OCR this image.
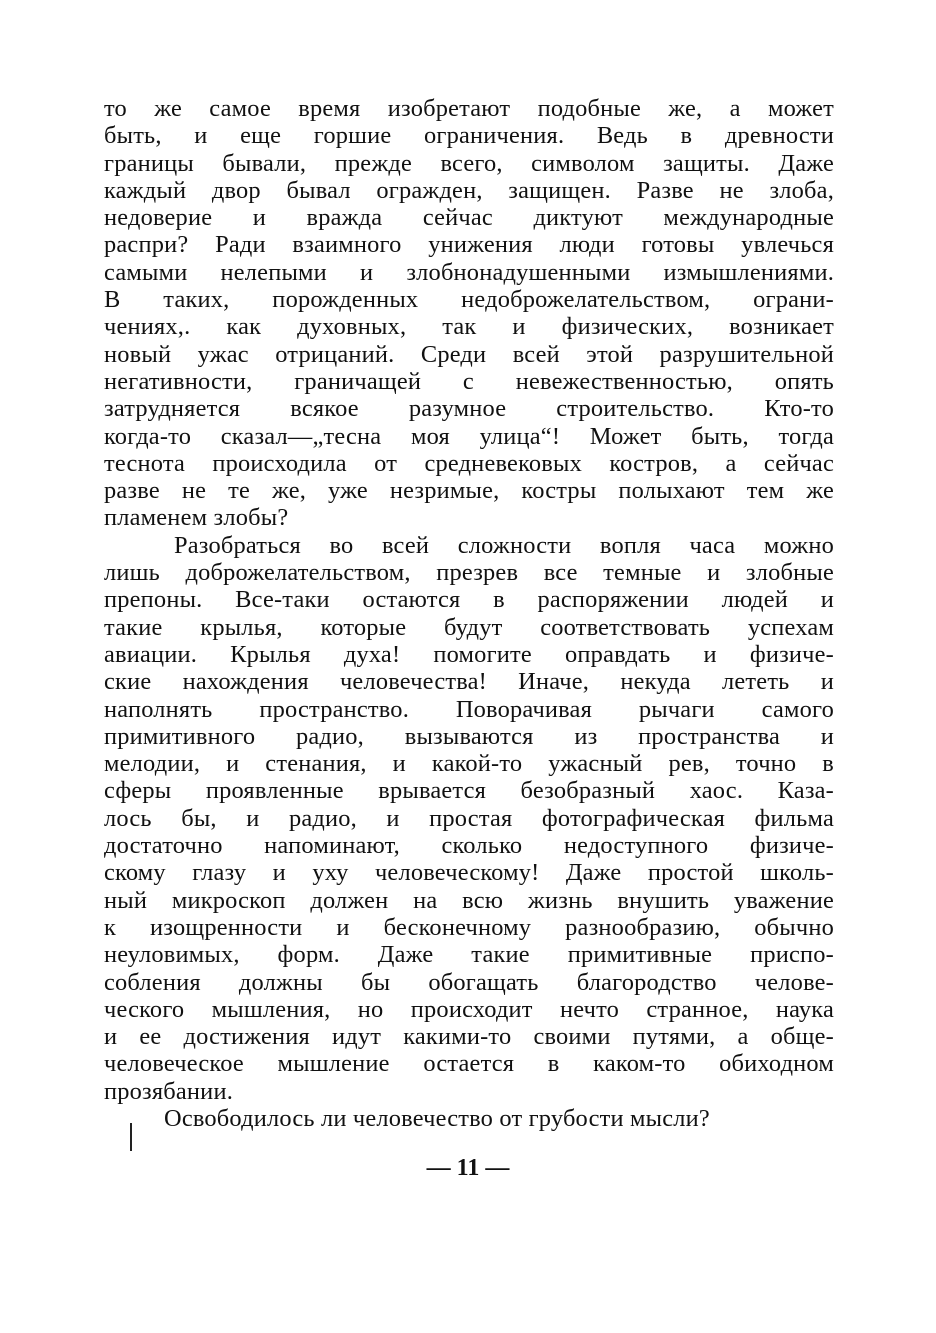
то же самое время изобретают подобные же, а может
быть, и еще горшие ограничения. Ведь в древности
границы бывали, прежде всего, символом защиты. Даже
каждый двор бывал огражден, защищен. Разве не злоба,
недоверие и вражда сейчас диктуют международные
распри? Ради взаимного унижения люди готовы увлечься
самыми нелепыми и злобнонадушенными измышлениями.
В таких, порожденных недоброжелательством, ограни-
чениях,. как духовных, так и физических, возникает
новый ужас отрицаний. Среди всей этой разрушительной
негативности, граничащей с невежественностью, опять
затрудняется всякое разумное строительство. Кто-то
когда-то сказал—„тесна моя улица“! Может быть, тогда
теснота происходила от средневековых костров, а сейчас
разве не те же, уже незримые, костры полыхают тем же
пламенем злобы?
Разобраться во всей сложности вопля часа можно
лишь доброжелательством, презрев все темные и злобные
препоны. Все-таки остаются в распоряжении людей и
такие крылья, которые будут соответствовать успехам
авиации. Крылья духа! помогите оправдать и физиче-
ские нахождения человечества! Иначе, некуда лететь и
наполнять пространство. Поворачивая рычаги самого
примитивного радио, вызываются из пространства и
мелодии, и стенания, и какой-то ужасный рев, точно в
сферы проявленные врывается безобразный хаос. Каза-
лось бы, и радио, и простая фотографическая фильма
достаточно напоминают, сколько недоступного физиче-
скому глазу и уху человеческому! Даже простой школь-
ный микроскоп должен на всю жизнь внушить уважение
к изощренности и бесконечному разнообразию, обычно
неуловимых, форм. Даже такие примитивные приспо-
собления должны бы обогащать благородство челове-
ческого мышления, но происходит нечто странное, наука
и ее достижения идут какими-то своими путями, а обще-
человеческое мышление остается в каком-то обиходном
прозябании.
Освободилось ли человечество от грубости мысли?
— 11 —
